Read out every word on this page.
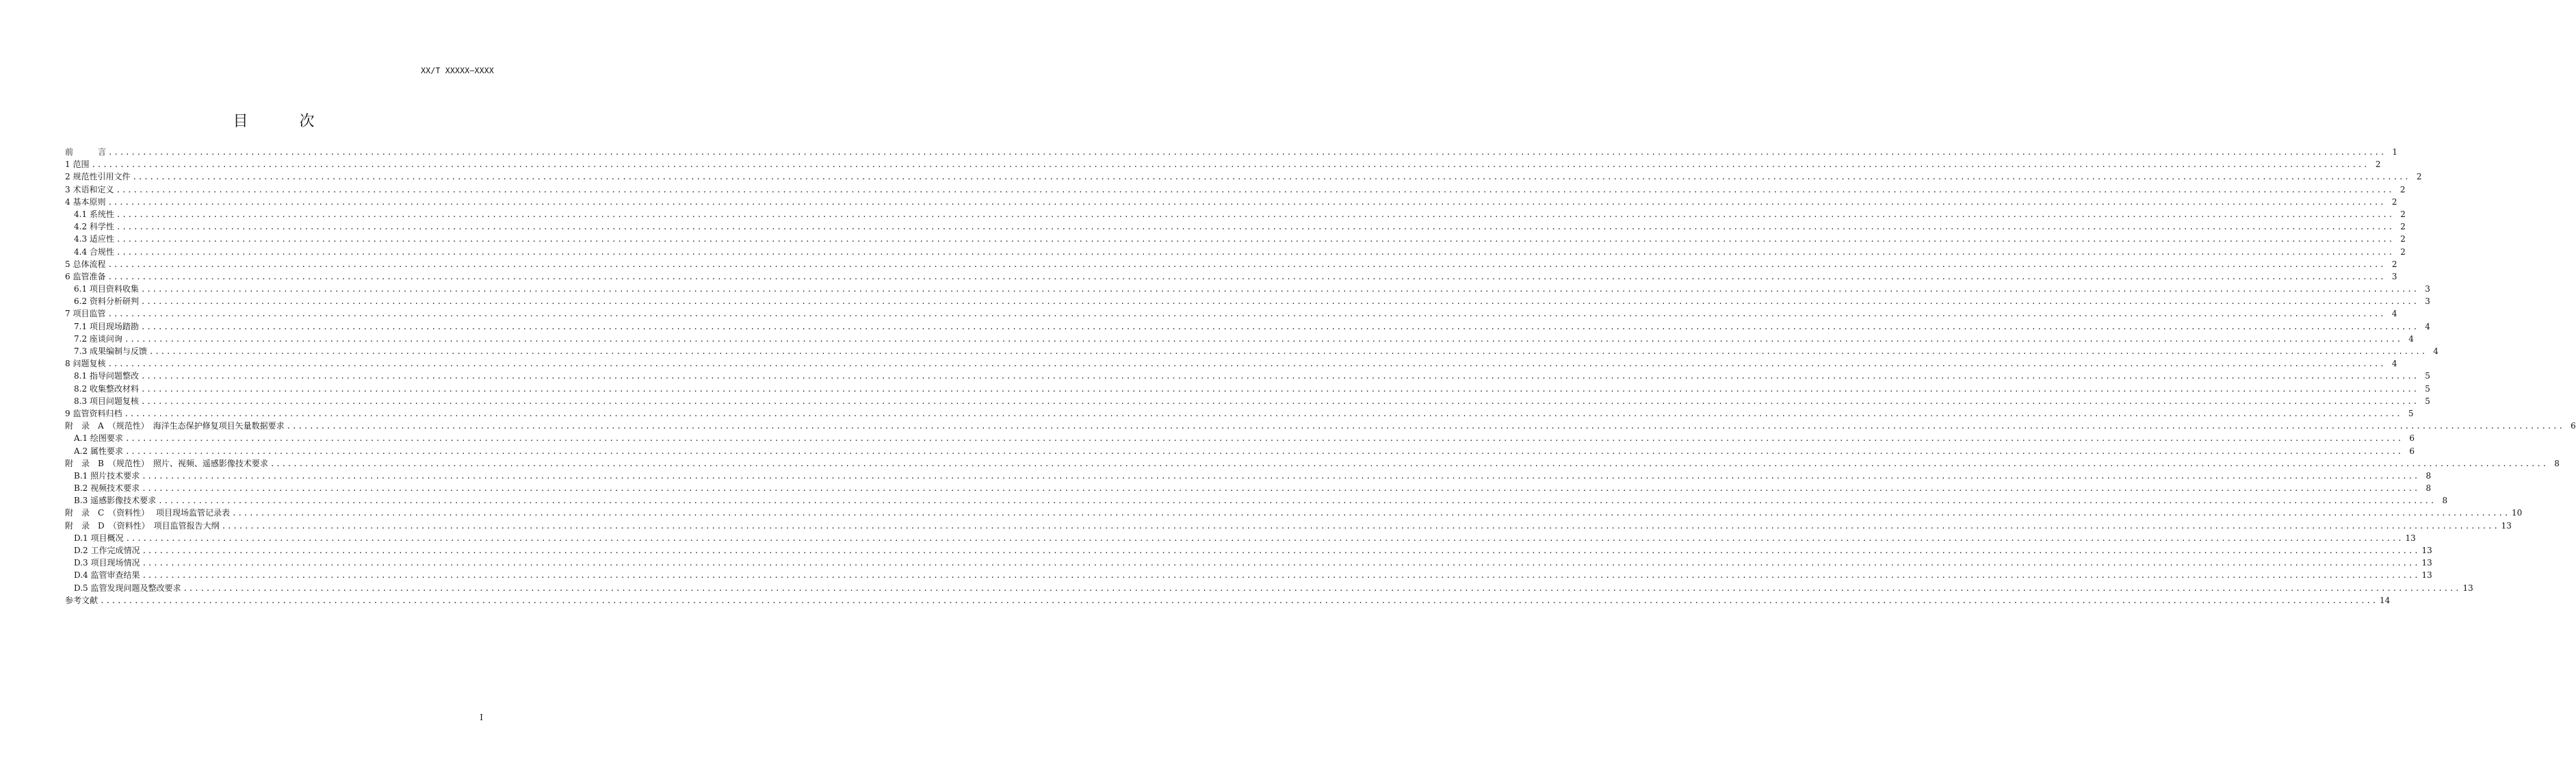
XX/T XXXXX—XXXX
目 次
前　　　言 ................................................................................................................................................................................................................................................................................................................................................................................................................ 1
1 范围 ................................................................................................................................................................................................................................................................................................................................................................................................................ 2
2 规范性引用文件 ................................................................................................................................................................................................................................................................................................................................................................................................................ 2
3 术语和定义 ................................................................................................................................................................................................................................................................................................................................................................................................................ 2
4 基本原则 ................................................................................................................................................................................................................................................................................................................................................................................................................ 2
4.1 系统性 ................................................................................................................................................................................................................................................................................................................................................................................................................ 2
4.2 科学性 ................................................................................................................................................................................................................................................................................................................................................................................................................ 2
4.3 适应性 ................................................................................................................................................................................................................................................................................................................................................................................................................ 2
4.4 合规性 ................................................................................................................................................................................................................................................................................................................................................................................................................ 2
5 总体流程 ................................................................................................................................................................................................................................................................................................................................................................................................................ 2
6 监管准备 ................................................................................................................................................................................................................................................................................................................................................................................................................ 3
6.1 项目资料收集 ................................................................................................................................................................................................................................................................................................................................................................................................................ 3
6.2 资料分析研判 ................................................................................................................................................................................................................................................................................................................................................................................................................ 3
7 项目监管 ................................................................................................................................................................................................................................................................................................................................................................................................................ 4
7.1 项目现场踏勘 ................................................................................................................................................................................................................................................................................................................................................................................................................ 4
7.2 座谈问询 ................................................................................................................................................................................................................................................................................................................................................................................................................ 4
7.3 成果编制与反馈 ................................................................................................................................................................................................................................................................................................................................................................................................................ 4
8 问题复核 ................................................................................................................................................................................................................................................................................................................................................................................................................ 4
8.1 指导问题整改 ................................................................................................................................................................................................................................................................................................................................................................................................................ 5
8.2 收集整改材料 ................................................................................................................................................................................................................................................................................................................................................................................................................ 5
8.3 项目问题复核 ................................................................................................................................................................................................................................................................................................................................................................................................................ 5
9 监管资料归档 ................................................................................................................................................................................................................................................................................................................................................................................................................ 5
附　录　A　（规范性）　海洋生态保护修复项目矢量数据要求 ................................................................................................................................................................................................................................................................................................................................................................................................................ 6
A.1 绘图要求 ................................................................................................................................................................................................................................................................................................................................................................................................................ 6
A.2 属性要求 ................................................................................................................................................................................................................................................................................................................................................................................................................ 6
附　录　B　（规范性）　照片、视频、遥感影像技术要求 ................................................................................................................................................................................................................................................................................................................................................................................................................ 8
B.1 照片技术要求 ................................................................................................................................................................................................................................................................................................................................................................................................................ 8
B.2 视频技术要求 ................................................................................................................................................................................................................................................................................................................................................................................................................ 8
B.3 遥感影像技术要求 ................................................................................................................................................................................................................................................................................................................................................................................................................ 8
附　录　C　（资料性）　 项目现场监管记录表 ................................................................................................................................................................................................................................................................................................................................................................................................................ 10
附　录　D　（资料性）　项目监管报告大纲 ................................................................................................................................................................................................................................................................................................................................................................................................................ 13
D.1 项目概况 ................................................................................................................................................................................................................................................................................................................................................................................................................ 13
D.2 工作完成情况 ................................................................................................................................................................................................................................................................................................................................................................................................................ 13
D.3 项目现场情况 ................................................................................................................................................................................................................................................................................................................................................................................................................ 13
D.4 监管审查结果 ................................................................................................................................................................................................................................................................................................................................................................................................................ 13
D.5 监管发现问题及整改要求 ................................................................................................................................................................................................................................................................................................................................................................................................................ 13
参考文献 ................................................................................................................................................................................................................................................................................................................................................................................................................ 14
I
